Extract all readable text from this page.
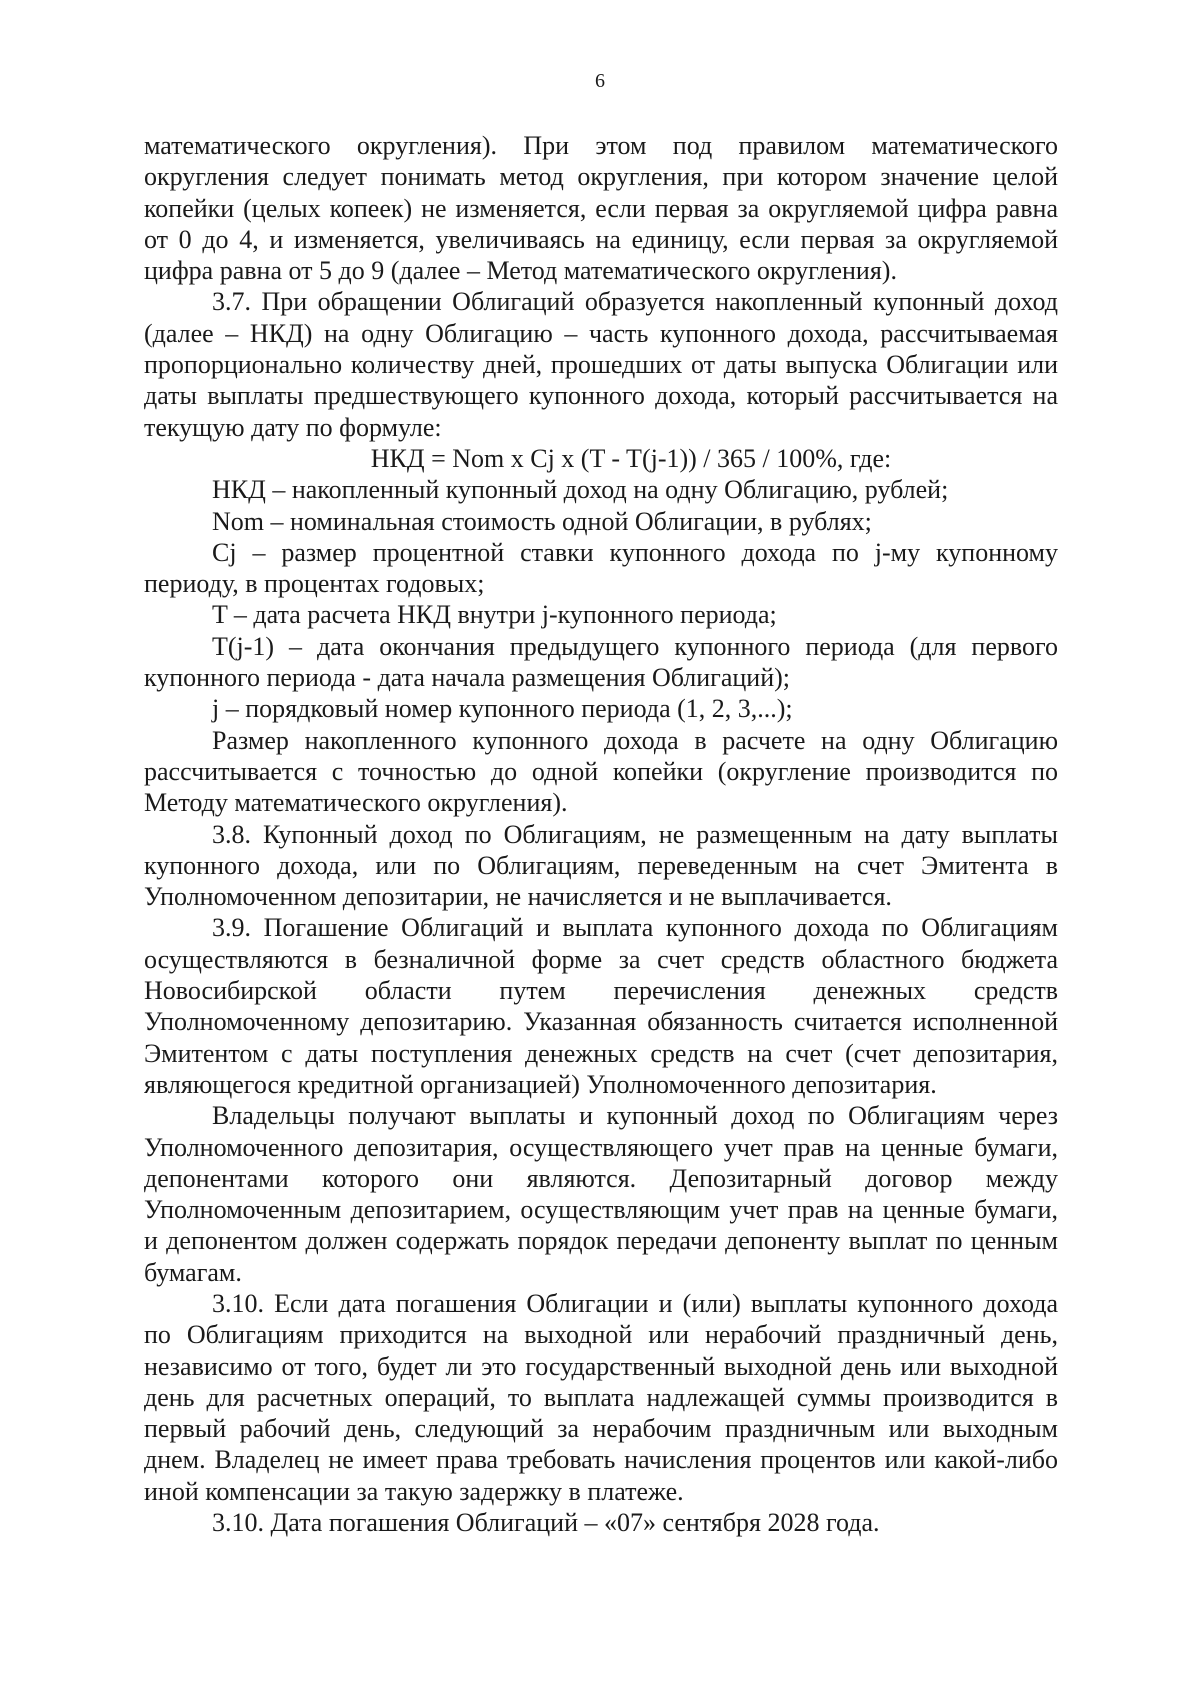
6

математического округления). При этом под правилом математического округления следует понимать метод округления, при котором значение целой копейки (целых копеек) не изменяется, если первая за округляемой цифра равна от 0 до 4, и изменяется, увеличиваясь на единицу, если первая за округляемой цифра равна от 5 до 9 (далее – Метод математического округления).

3.7. При обращении Облигаций образуется накопленный купонный доход (далее – НКД) на одну Облигацию – часть купонного дохода, рассчитываемая пропорционально количеству дней, прошедших от даты выпуска Облигации или даты выплаты предшествующего купонного дохода, который рассчитывается на текущую дату по формуле:

НКД = Nom x Cj x (T - T(j-1)) / 365 / 100%, где:

НКД – накопленный купонный доход на одну Облигацию, рублей;

Nom – номинальная стоимость одной Облигации, в рублях;

Cj – размер процентной ставки купонного дохода по j-му купонному периоду, в процентах годовых;

T – дата расчета НКД внутри j-купонного периода;

T(j-1) – дата окончания предыдущего купонного периода (для первого купонного периода - дата начала размещения Облигаций);

j – порядковый номер купонного периода (1, 2, 3,...);

Размер накопленного купонного дохода в расчете на одну Облигацию рассчитывается с точностью до одной копейки (округление производится по Методу математического округления).

3.8. Купонный доход по Облигациям, не размещенным на дату выплаты купонного дохода, или по Облигациям, переведенным на счет Эмитента в Уполномоченном депозитарии, не начисляется и не выплачивается.

3.9. Погашение Облигаций и выплата купонного дохода по Облигациям осуществляются в безналичной форме за счет средств областного бюджета Новосибирской области путем перечисления денежных средств Уполномоченному депозитарию. Указанная обязанность считается исполненной Эмитентом с даты поступления денежных средств на счет (счет депозитария, являющегося кредитной организацией) Уполномоченного депозитария.

Владельцы получают выплаты и купонный доход по Облигациям через Уполномоченного депозитария, осуществляющего учет прав на ценные бумаги, депонентами которого они являются. Депозитарный договор между Уполномоченным депозитарием, осуществляющим учет прав на ценные бумаги, и депонентом должен содержать порядок передачи депоненту выплат по ценным бумагам.

3.10. Если дата погашения Облигации и (или) выплаты купонного дохода по Облигациям приходится на выходной или нерабочий праздничный день, независимо от того, будет ли это государственный выходной день или выходной день для расчетных операций, то выплата надлежащей суммы производится в первый рабочий день, следующий за нерабочим праздничным или выходным днем. Владелец не имеет права требовать начисления процентов или какой-либо иной компенсации за такую задержку в платеже.

3.10. Дата погашения Облигаций – «07» сентября 2028 года.
